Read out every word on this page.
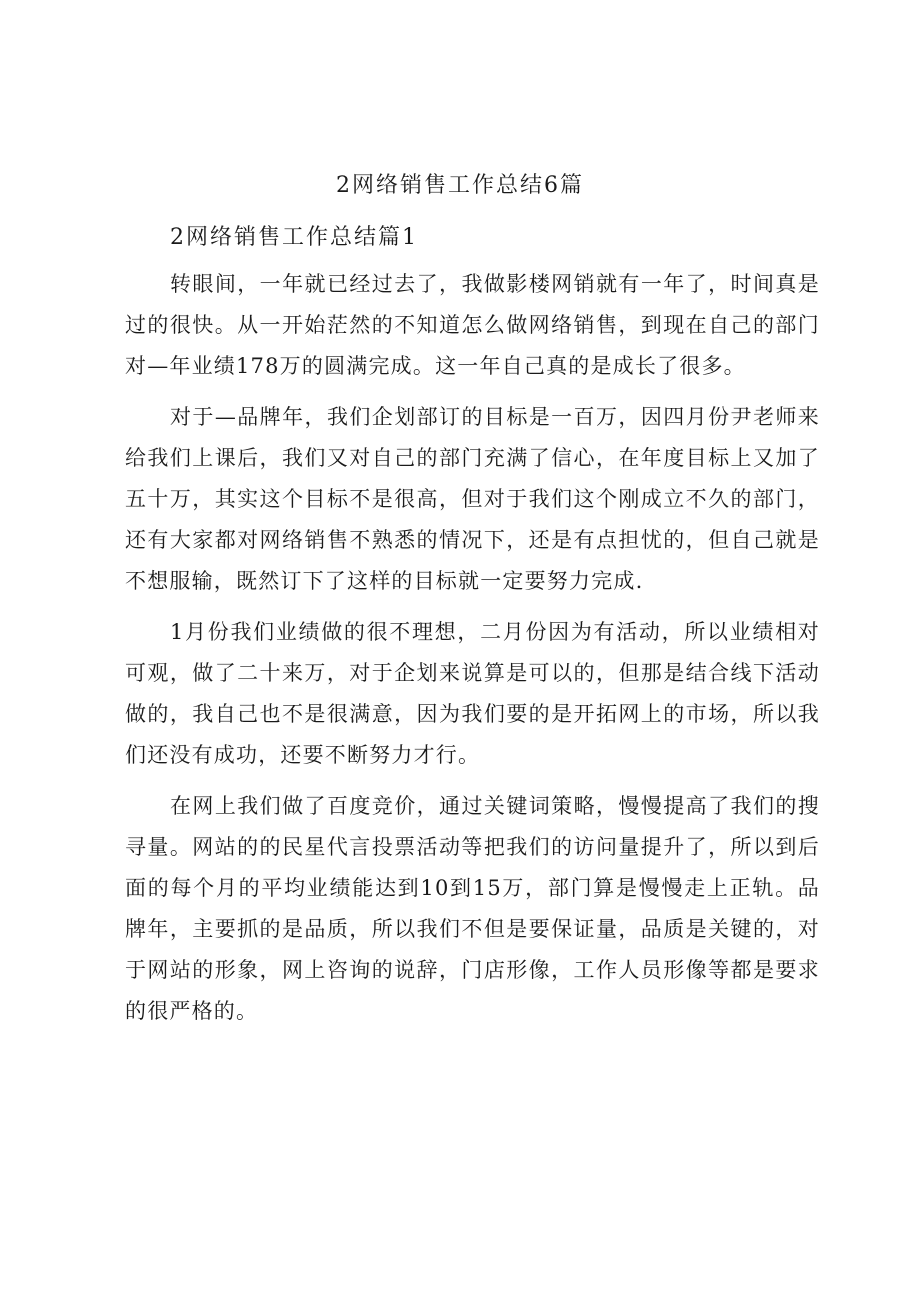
2网络销售工作总结6篇
2网络销售工作总结篇1

转眼间，一年就已经过去了，我做影楼网销就有一年了，时间真是过的很快。从一开始茫然的不知道怎么做网络销售，到现在自己的部门对—年业绩178万的圆满完成。这一年自己真的是成长了很多。

对于—品牌年，我们企划部订的目标是一百万，因四月份尹老师来给我们上课后，我们又对自己的部门充满了信心，在年度目标上又加了五十万，其实这个目标不是很高，但对于我们这个刚成立不久的部门，还有大家都对网络销售不熟悉的情况下，还是有点担忧的，但自己就是不想服输，既然订下了这样的目标就一定要努力完成.

1月份我们业绩做的很不理想，二月份因为有活动，所以业绩相对可观，做了二十来万，对于企划来说算是可以的，但那是结合线下活动做的，我自己也不是很满意，因为我们要的是开拓网上的市场，所以我们还没有成功，还要不断努力才行。

在网上我们做了百度竞价，通过关键词策略，慢慢提高了我们的搜寻量。网站的的民星代言投票活动等把我们的访问量提升了，所以到后面的每个月的平均业绩能达到10到15万，部门算是慢慢走上正轨。品牌年，主要抓的是品质，所以我们不但是要保证量，品质是关键的，对于网站的形象，网上咨询的说辞，门店形像，工作人员形像等都是要求的很严格的。
